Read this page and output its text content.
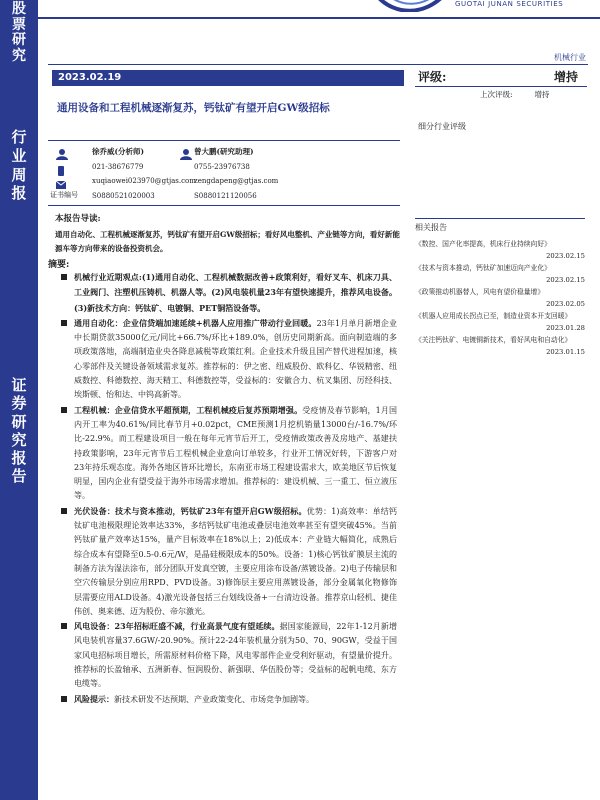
股
票
研
究
行
业
周
报
证
券
研
究
报
告
GUOTAI JUNAN SECURITIES
机械行业
2023.02.19
通用设备和工程机械逐渐复苏，钙钛矿有望开启GW级招标
评级:	增持
上次评级:	增持
细分行业评级
徐乔威(分析师)
021-38676779
xuqiaowei023970@gtjas.com
S0880521020003
曾大鹏(研究助理)
0755-23976738
zengdapeng@gtjas.com
S0880121120056
证书编号
本报告导读:
通用自动化、工程机械逐渐复苏，钙钛矿有望开启GW级招标；看好风电整机、产业链等方向，看好新能源车等方向带来的设备投资机会。
摘要:
机械行业近期观点:(1)通用自动化、工程机械数据改善+政策利好，看好叉车、机床刀具、工业阀门、注塑机压铸机、机器人等。(2)风电装机量23年有望快速提升，推荐风电设备。(3)新技术方向：钙钛矿、电镀铜、PET铜箔设备等。
通用自动化：企业信贷端加速延续+机器人应用推广带动行业回暖。23年1月单月新增企业中长期贷款35000亿元/同比+66.7%/环比+189.0%，创历史同期新高。面向制造端的多项政策落地，高端制造业央各降息减税等政策红利。企业技术升级且国产替代进程加速，核心零部件及关键设备领域需求复苏。推荐标的：伊之密、纽威股份、欧科亿、华锐精密、纽威数控、科德数控、海天精工、科德数控等，受益标的：安徽合力、杭叉集团、厉经科技、埃斯顿、怡和达、中钨高新等。
工程机械：企业信贷水平超预期，工程机械疫后复苏预期增强。受疫情及春节影响，1月国内开工率为40.61%/同比春节月+0.02pct，CME预测1月挖机销量13000台/-16.7%/环比-22.9%。而工程建设项目一般在每年元宵节后开工，受疫情政策改善及房地产、基建扶持政策影响，23年元宵节后工程机械企业意向订单较多，行业开工情况好转，下游客户对23年持乐观态度。海外各地区皆环比增长，东南亚市场工程建设需求大，欧美地区节后恢复明显，国内企业有望受益于海外市场需求增加。推荐标的：建设机械、三一重工、恒立液压等。
光伏设备：技术与资本推动，钙钛矿23年有望开启GW级招标。优势：1)高效率：单结钙钛矿电池极限理论效率达33%，多结钙钛矿电池或叠层电池效率甚至有望突破45%。当前钙钛矿量产效率达15%，量产目标效率在18%以上；2)低成本：产业链大幅简化，成熟后综合成本有望降至0.5-0.6元/W，是晶硅极限成本的50%。设备：1)核心钙钛矿膜层主流的制备方法为湿法涂布，部分团队开发真空镀，主要应用涂布设备/蒸镀设备。2)电子传输层和空穴传输层分别应用RPD、PVD设备。3)修饰层主要应用蒸镀设备，部分金属氧化物修饰层需要应用ALD设备。4)激光设备包括三台划线设备+一台清边设备。推荐京山轻机、捷佳伟创、奥来德、迈为股份、帝尔激光。
风电设备：23年招标旺盛不减，行业高景气度有望延续。据国家能源局，22年1-12月新增风电装机容量37.6GW/-20.90%。预计22-24年装机量分别为50、70、90GW，受益于国家风电招标项目增长，所需原材料价格下降，风电零部件企业受利好驱动，有望量价提升。推荐标的长盈轴承、五洲新春、恒润股份、新强联、华伍股份等；受益标的起帆电缆、东方电缆等。
风险提示：新技术研发不达预期、产业政策变化、市场竞争加剧等。
相关报告
《数控、国产化率提高，机床行业持续向好》
2023.02.15
《技术与资本推动，钙钛矿加速迈向产业化》
2023.02.15
《政策推动机器替人，风电有望价稳量增》
2023.02.05
《机器人应用成长拐点已至，制造业资本开支回暖》
2023.01.28
《关注钙钛矿、电镀铜新技术，看好风电和自动化》
2023.01.15
